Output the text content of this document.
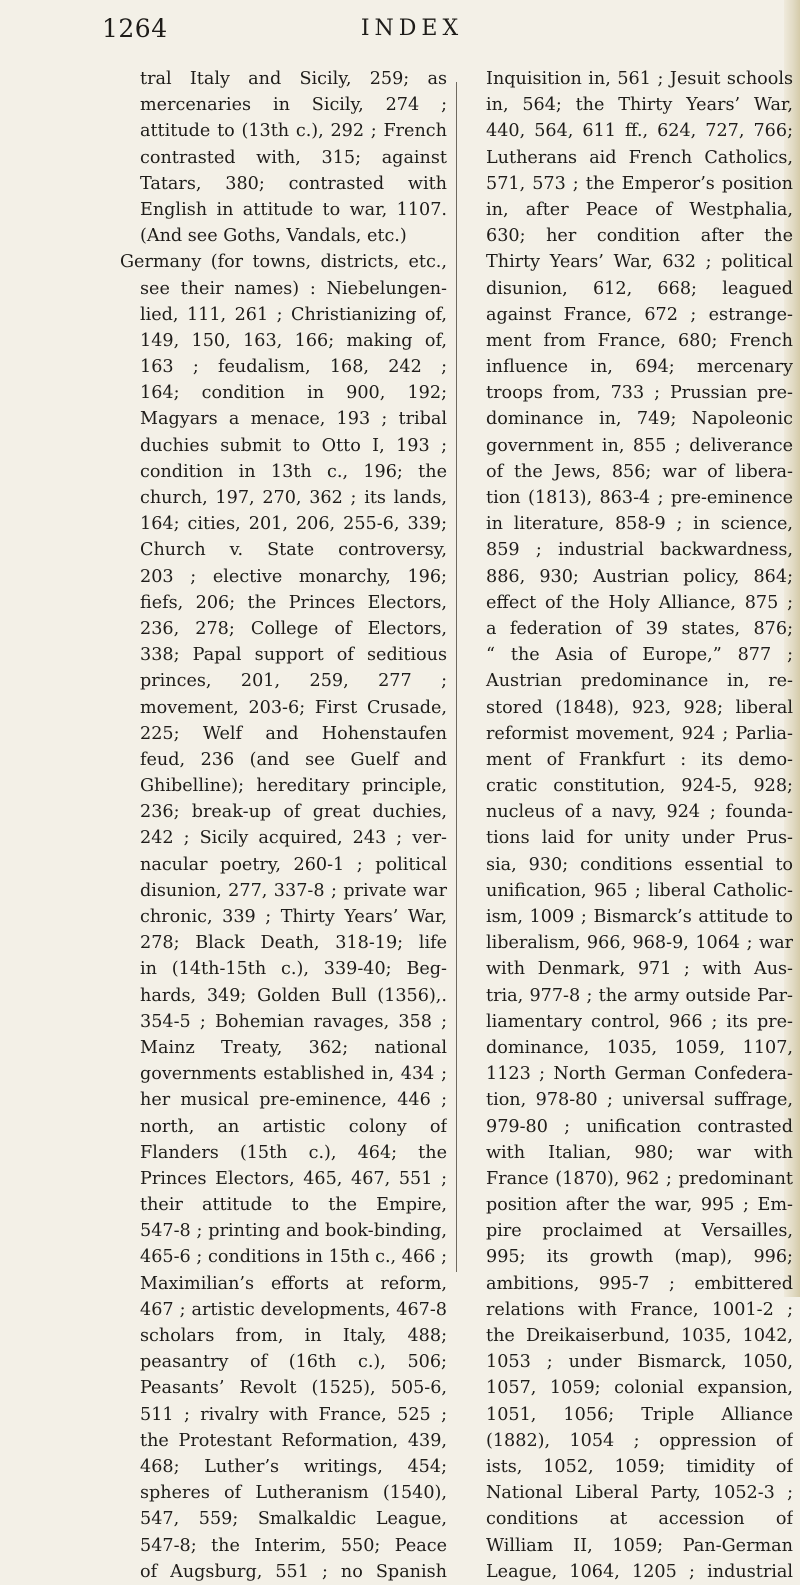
1264	INDEX
tral Italy and Sicily, 259; as
mercenaries in Sicily, 274 ;
attitude to (13th c.), 292 ; French
contrasted with, 315; against
Tatars, 380; contrasted with
English in attitude to war, 1107.
(And see Goths, Vandals, etc.)
Germany (for towns, districts, etc.,
see their names) : Niebelungen-
lied, 111, 261 ; Christianizing of,
149, 150, 163, 166; making of,
163 ; feudalism, 168, 242 ;
164; condition in 900, 192;
Magyars a menace, 193 ; tribal
duchies submit to Otto I, 193 ;
condition in 13th c., 196; the
church, 197, 270, 362 ; its lands,
164; cities, 201, 206, 255-6, 339;
Church v. State controversy,
203 ; elective monarchy, 196;
fiefs, 206; the Princes Electors,
236, 278; College of Electors,
338; Papal support of seditious
princes, 201, 259, 277 ;
movement, 203-6; First Crusade,
225; Welf and Hohenstaufen
feud, 236 (and see Guelf and
Ghibelline); hereditary principle,
236; break-up of great duchies,
242 ; Sicily acquired, 243 ; ver-
nacular poetry, 260-1 ; political
disunion, 277, 337-8 ; private war
chronic, 339 ; Thirty Years’ War,
278; Black Death, 318-19; life
in (14th-15th c.), 339-40; Beg-
hards, 349; Golden Bull (1356),.
354-5 ; Bohemian ravages, 358 ;
Mainz Treaty, 362; national
governments established in, 434 ;
her musical pre-eminence, 446 ;
north, an artistic colony of
Flanders (15th c.), 464; the
Princes Electors, 465, 467, 551 ;
their attitude to the Empire,
547-8 ; printing and book-binding,
465-6 ; conditions in 15th c., 466 ;
Maximilian’s efforts at reform,
467 ; artistic developments, 467-8
scholars from, in Italy, 488;
peasantry of (16th c.), 506;
Peasants’ Revolt (1525), 505-6,
511 ; rivalry with France, 525 ;
the Protestant Reformation, 439,
468; Luther’s writings, 454;
spheres of Lutheranism (1540),
547, 559; Smalkaldic League,
547-8; the Interim, 550; Peace
of Augsburg, 551 ; no Spanish
Inquisition in, 561 ; Jesuit schools
in, 564; the Thirty Years’ War,
440, 564, 611 ff., 624, 727, 766;
Lutherans aid French Catholics,
571, 573 ; the Emperor’s position
in, after Peace of Westphalia,
630; her condition after the
Thirty Years’ War, 632 ; political
disunion, 612, 668; leagued
against France, 672 ; estrange-
ment from France, 680; French
influence in, 694; mercenary
troops from, 733 ; Prussian pre-
dominance in, 749; Napoleonic
government in, 855 ; deliverance
of the Jews, 856; war of libera-
tion (1813), 863-4 ; pre-eminence
in literature, 858-9 ; in science,
859 ; industrial backwardness,
886, 930; Austrian policy, 864;
effect of the Holy Alliance, 875 ;
a federation of 39 states, 876;
“ the Asia of Europe,” 877 ;
Austrian predominance in, re-
stored (1848), 923, 928; liberal
reformist movement, 924 ; Parlia-
ment of Frankfurt : its demo-
cratic constitution, 924-5, 928;
nucleus of a navy, 924 ; founda-
tions laid for unity under Prus-
sia, 930; conditions essential to
unification, 965 ; liberal Catholic-
ism, 1009 ; Bismarck’s attitude to
liberalism, 966, 968-9, 1064 ; war
with Denmark, 971 ; with Aus-
tria, 977-8 ; the army outside Par-
liamentary control, 966 ; its pre-
dominance, 1035, 1059, 1107,
1123 ; North German Confedera-
tion, 978-80 ; universal suffrage,
979-80 ; unification contrasted
with Italian, 980; war with
France (1870), 962 ; predominant
position after the war, 995 ; Em-
pire proclaimed at Versailles,
995; its growth (map), 996;
ambitions, 995-7 ; embittered
relations with France, 1001-2 ;
the Dreikaiserbund, 1035, 1042,
1053 ; under Bismarck, 1050,
1057, 1059; colonial expansion,
1051, 1056; Triple Alliance
(1882), 1054 ; oppression of
ists, 1052, 1059; timidity of
National Liberal Party, 1052-3 ;
conditions at accession of
William II, 1059; Pan-German
League, 1064, 1205 ; industrial
